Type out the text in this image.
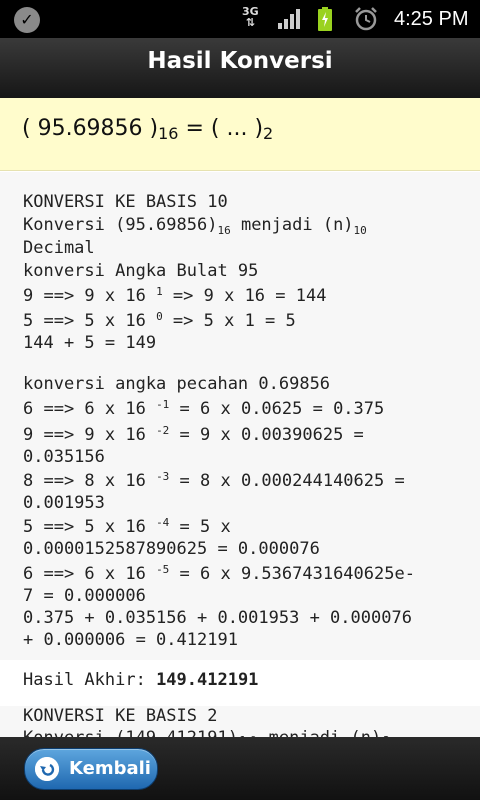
✓	3G
⇅	4:25 PM
Hasil Konversi
( 95.69856 )$_{16}$ = ( ... )$_2$
KONVERSI KE BASIS 10
Konversi $(95.69856)_{16}$ menjadi $(n)_{10}$
Decimal
konversi Angka Bulat 95
9 ==> 9 x 16 $^1$ => 9 x 16 = 144
5 ==> 5 x 16 $^0$ => 5 x 1 = 5
144 + 5 = 149
konversi angka pecahan 0.69856
6 ==> 6 x 16 $^{-1}$ = 6 x 0.0625 = 0.375
9 ==> 9 x 16 $^{-2}$ = 9 x 0.00390625 =
0.035156
8 ==> 8 x 16 $^{-3}$ = 8 x 0.000244140625 =
0.001953
5 ==> 5 x 16 $^{-4}$ = 5 x
0.0000152587890625 = 0.000076
6 ==> 6 x 16 $^{-5}$ = 6 x 9.5367431640625e-
7 = 0.000006
0.375 + 0.035156 + 0.001953 + 0.000076
+ 0.000006 = 0.412191
Hasil Akhir: 149.412191
KONVERSI KE BASIS 2
Kembali
